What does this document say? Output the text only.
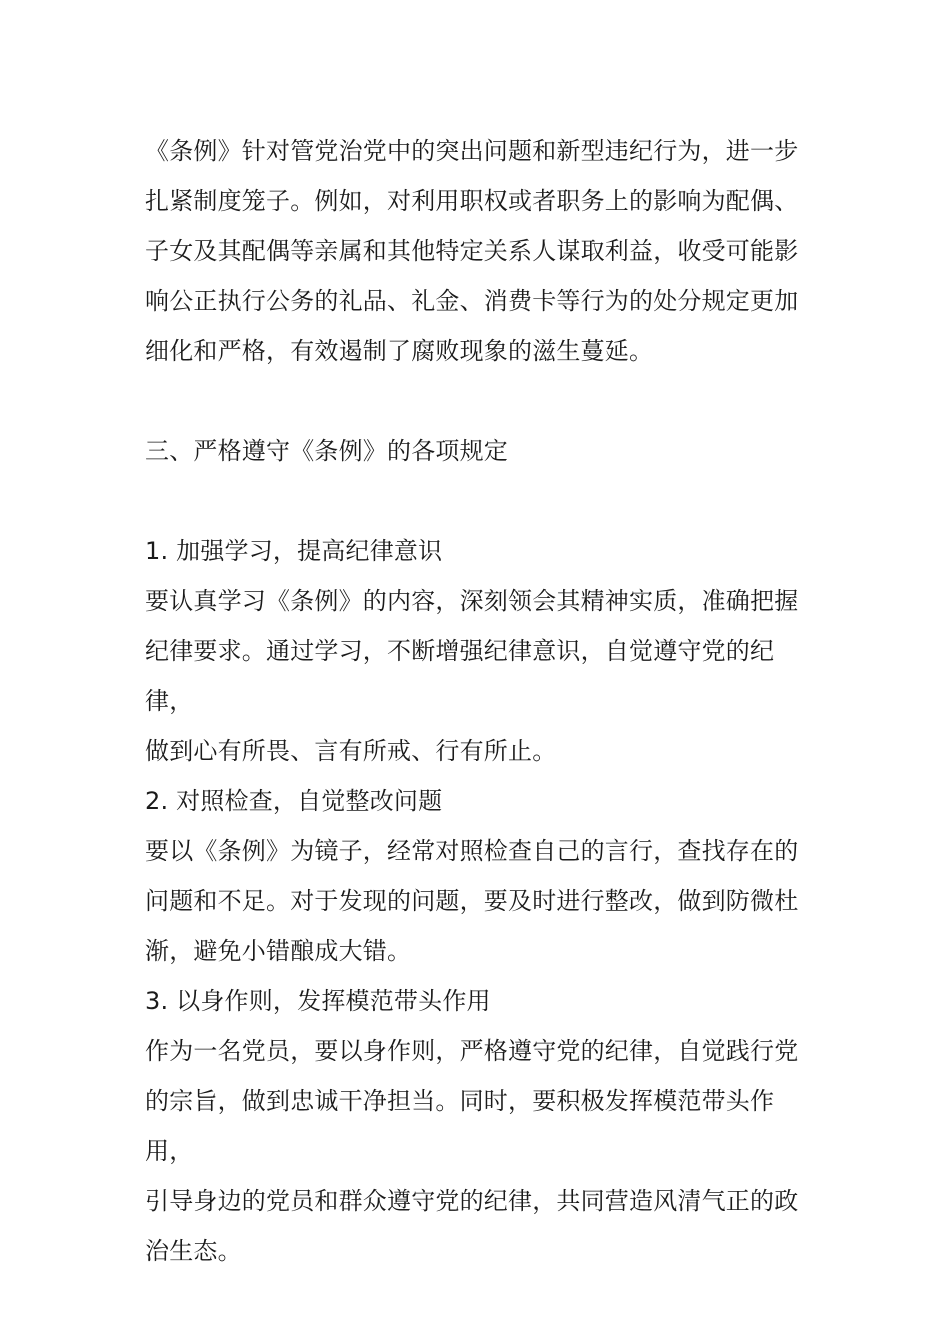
《条例》针对管党治党中的突出问题和新型违纪行为，进一步
扎紧制度笼子。例如，对利用职权或者职务上的影响为配偶、
子女及其配偶等亲属和其他特定关系人谋取利益，收受可能影
响公正执行公务的礼品、礼金、消费卡等行为的处分规定更加
细化和严格，有效遏制了腐败现象的滋生蔓延。

三、严格遵守《条例》的各项规定

1. 加强学习，提高纪律意识

要认真学习《条例》的内容，深刻领会其精神实质，准确把握
纪律要求。通过学习，不断增强纪律意识，自觉遵守党的纪律，
做到心有所畏、言有所戒、行有所止。

2. 对照检查，自觉整改问题

要以《条例》为镜子，经常对照检查自己的言行，查找存在的
问题和不足。对于发现的问题，要及时进行整改，做到防微杜
渐，避免小错酿成大错。

3. 以身作则，发挥模范带头作用

作为一名党员，要以身作则，严格遵守党的纪律，自觉践行党
的宗旨，做到忠诚干净担当。同时，要积极发挥模范带头作用，
引导身边的党员和群众遵守党的纪律，共同营造风清气正的政
治生态。
